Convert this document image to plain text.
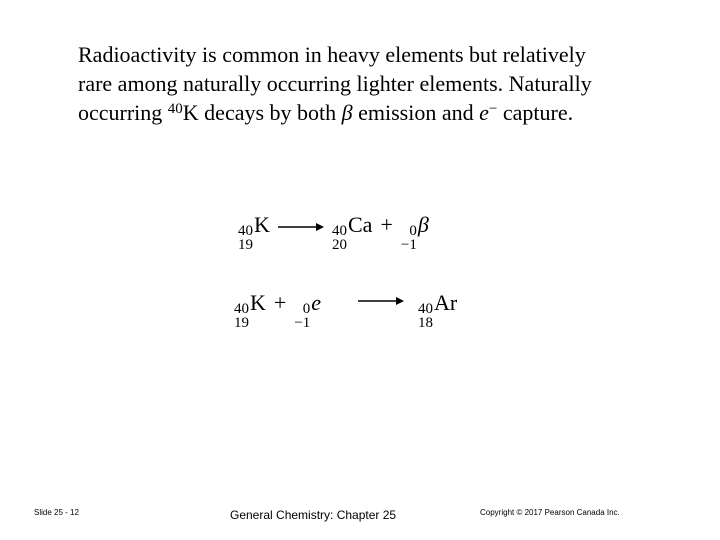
Radioactivity is common in heavy elements but relatively
rare among naturally occurring lighter elements. Naturally
occurring $^{40}$K decays by both β emission and e− capture.
40
19
K	40
20
Ca + 0
−1
β
40
19
K + 0
−1
e	40
18
Ar
Slide 25 - 12	General Chemistry: Chapter 25	Copyright © 2017 Pearson Canada Inc.
